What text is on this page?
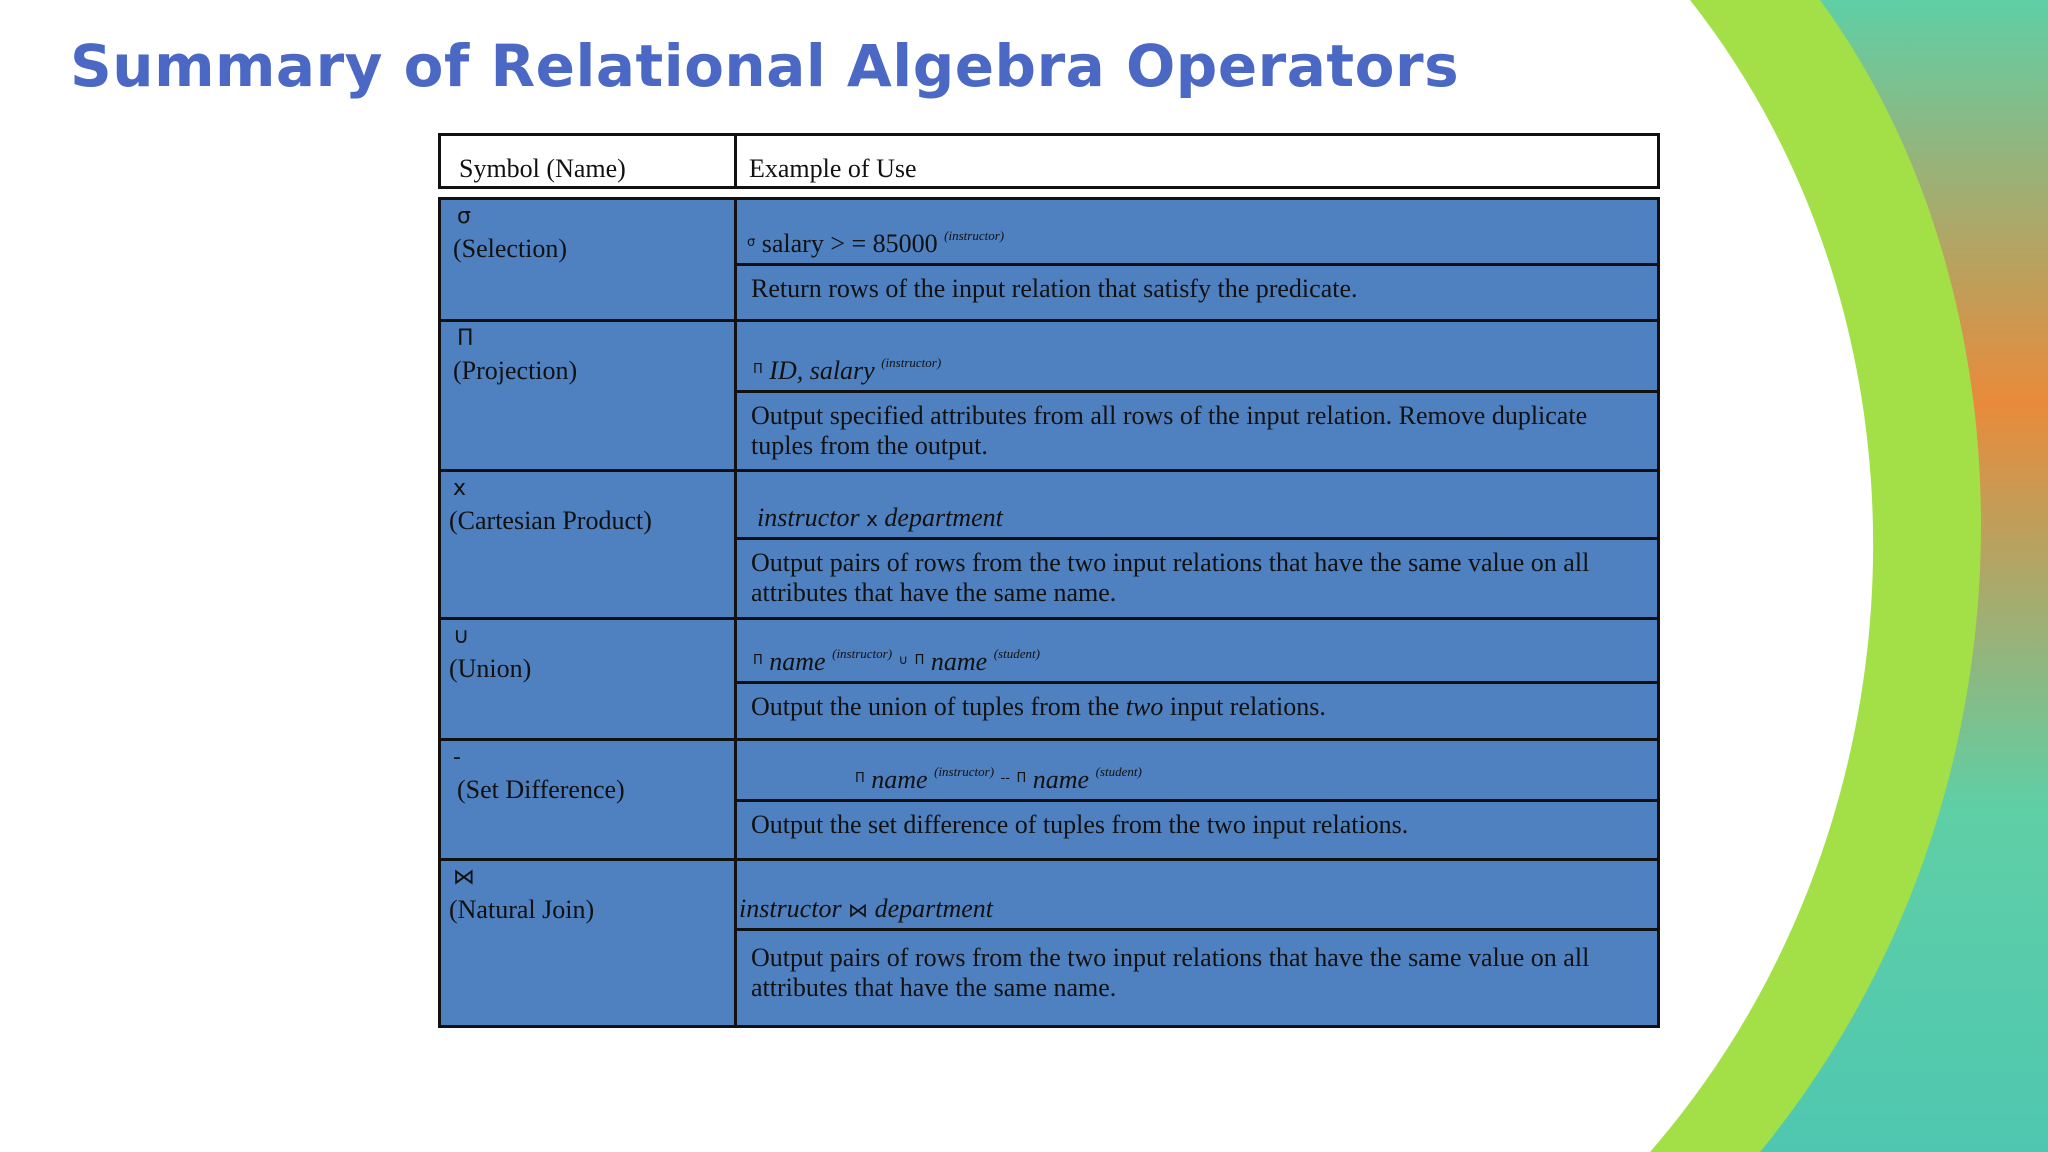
Summary of Relational Algebra Operators
Symbol (Name)	Example of Use
σ
(Selection)	$^\sigma$ salary > = 85000 $^{(instructor)}$
Return rows of the input relation that satisfy the predicate.
Π
(Projection)	$^\Pi$ ID, salary $^{(instructor)}$
Output specified attributes from all rows of the input relation. Remove duplicate tuples from the output.
x
(Cartesian Product)	instructor x department
Output pairs of rows from the two input relations that have the same value on all attributes that have the same name.
∪
(Union)	$^\Pi$ name $^{(instructor)}$ ∪ $^\Pi$ name $^{(student)}$
Output the union of tuples from the two input relations.
-
(Set Difference)	$^\Pi$ name $^{(instructor)}$ -- $^\Pi$ name $^{(student)}$
Output the set difference of tuples from the two input relations.
⋈
(Natural Join)	instructor ⋈ department
Output pairs of rows from the two input relations that have the same value on all attributes that have the same name.
